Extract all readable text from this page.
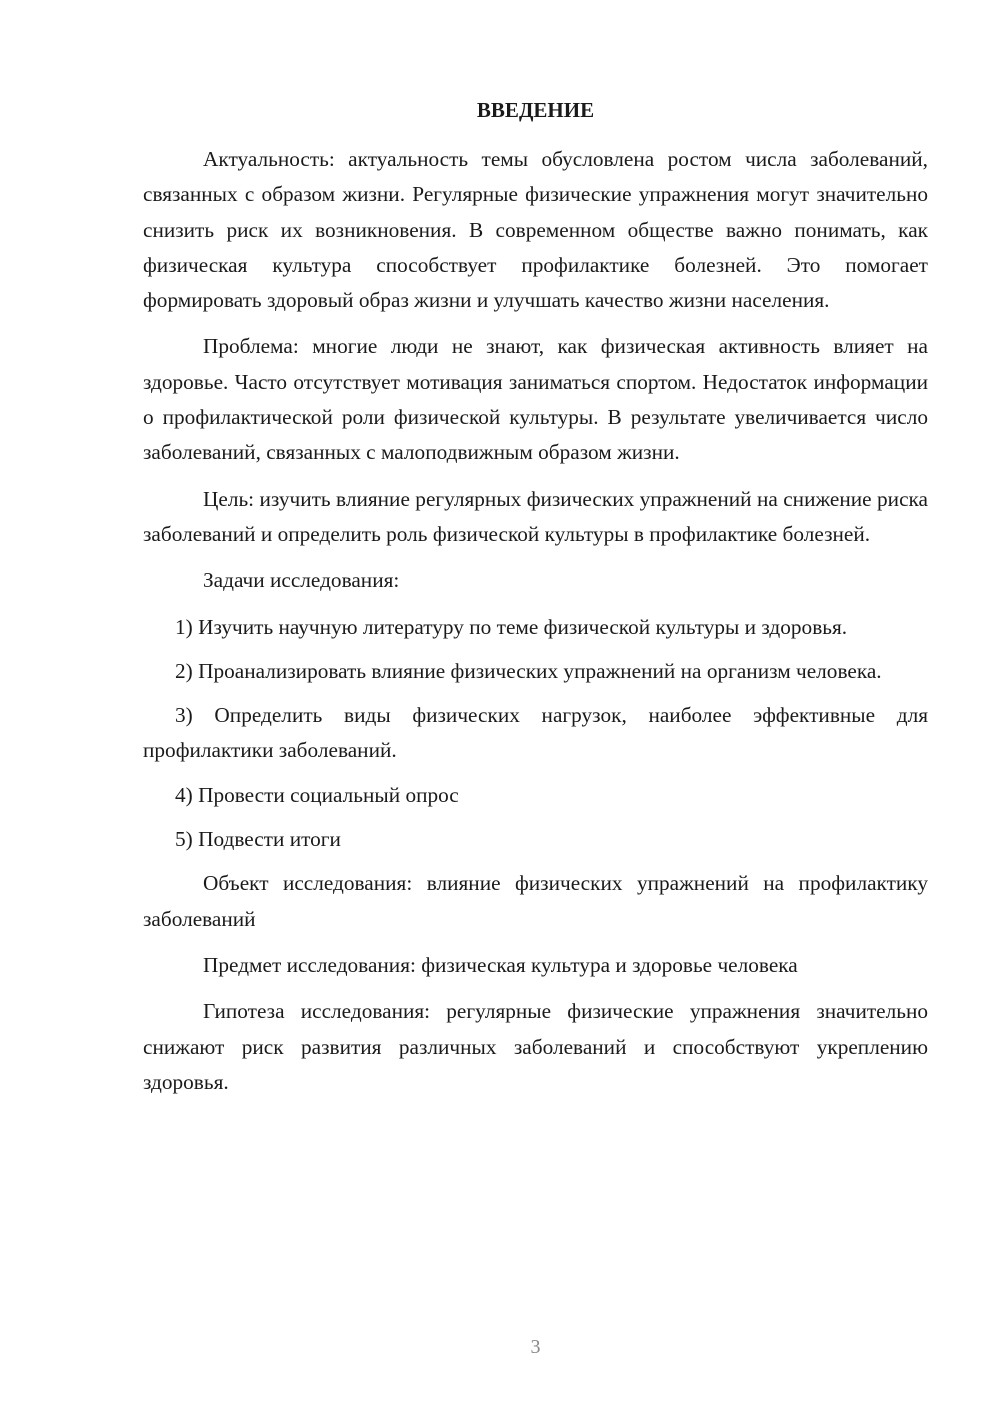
ВВЕДЕНИЕ

Актуальность: актуальность темы обусловлена ростом числа заболеваний, связанных с образом жизни. Регулярные физические упражнения могут значительно снизить риск их возникновения. В современном обществе важно понимать, как физическая культура способствует профилактике болезней. Это помогает формировать здоровый образ жизни и улучшать качество жизни населения.

Проблема: многие люди не знают, как физическая активность влияет на здоровье. Часто отсутствует мотивация заниматься спортом. Недостаток информации о профилактической роли физической культуры. В результате увеличивается число заболеваний, связанных с малоподвижным образом жизни.

Цель: изучить влияние регулярных физических упражнений на снижение риска заболеваний и определить роль физической культуры в профилактике болезней.

Задачи исследования:

1) Изучить научную литературу по теме физической культуры и здоровья.

2) Проанализировать влияние физических упражнений на организм человека.

3) Определить виды физических нагрузок, наиболее эффективные для профилактики заболеваний.

4) Провести социальный опрос

5) Подвести итоги

Объект исследования: влияние физических упражнений на профилактику заболеваний

Предмет исследования: физическая культура и здоровье человека

Гипотеза исследования: регулярные физические упражнения значительно снижают риск развития различных заболеваний и способствуют укреплению здоровья.

3
